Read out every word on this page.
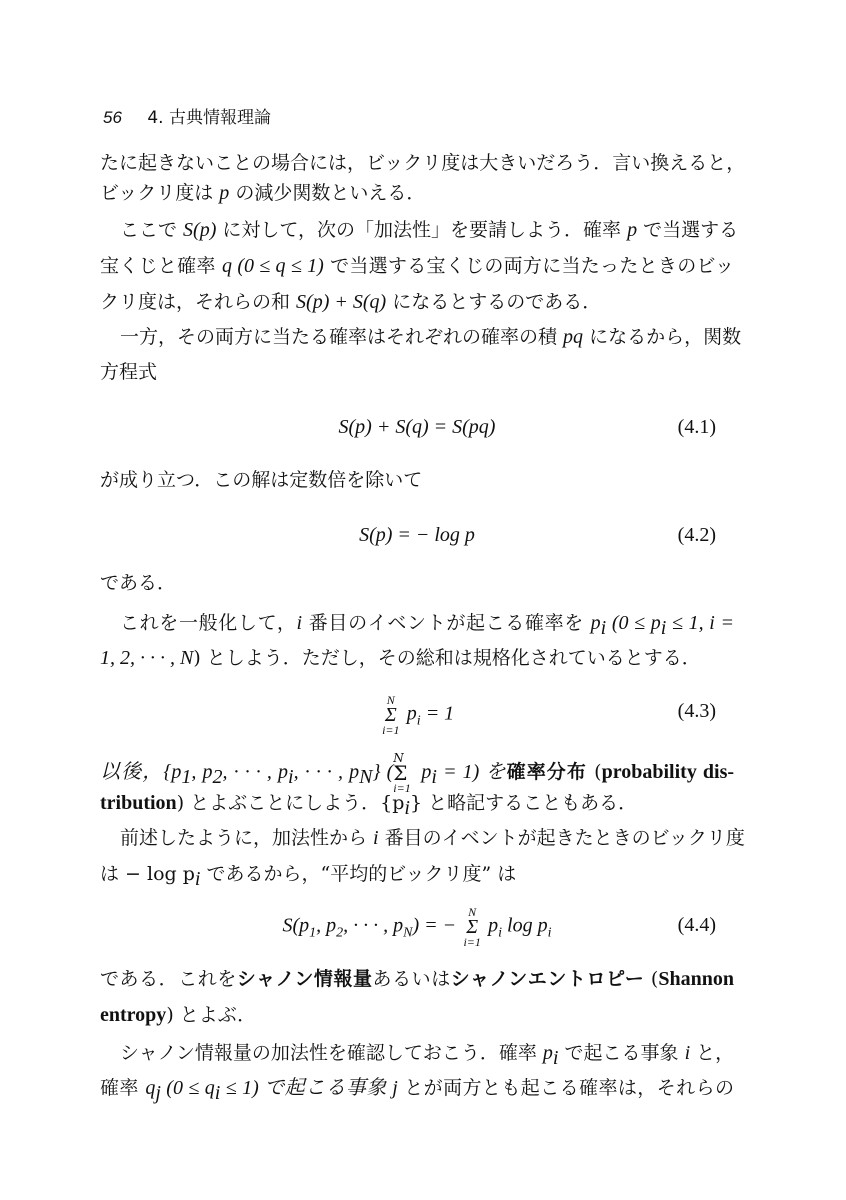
56 4. 古典情報理論
たに起きないことの場合には，ビックリ度は大きいだろう．言い換えると，
ビックリ度は p の減少関数といえる．
ここで S(p) に対して，次の「加法性」を要請しよう．確率 p で当選する
宝くじと確率 q (0 ≤ q ≤ 1) で当選する宝くじの両方に当たったときのビッ
クリ度は，それらの和 S(p) + S(q) になるとするのである．
一方，その両方に当たる確率はそれぞれの確率の積 pq になるから，関数
方程式
S(p) + S(q) = S(pq)	(4.1)
が成り立つ．この解は定数倍を除いて
S(p) = − log p	(4.2)
である．
これを一般化して，i 番目のイベントが起こる確率を $p_i$ ($0 \le p_i \le 1$, i =
1, 2, · · · , N) としよう．ただし，その総和は規格化されているとする．
N
Σ
i=1
$p_i = 1$	(4.3)
以後，{$p_1$, $p_2$, · · · , $p_i$, · · · , $p_N$} (
N
Σ
i=1
$p_i = 1$) を確率分布 (probability dis-
tribution) とよぶことにしよう．$\{p_i\}$ と略記することもある．
前述したように，加法性から i 番目のイベントが起きたときのビックリ度
は − $\log p_i$ であるから，“平均的ビックリ度” は
$S(p_1$, $p_2$, · · · , $p_N$) = −
N
Σ
i=1
$p_i$ $\log p_i$	(4.4)
である．これをシャノン情報量あるいはシャノンエントロピー (Shannon
entropy) とよぶ．
シャノン情報量の加法性を確認しておこう．確率 $p_i$ で起こる事象 i と，
確率 $q_j$ $(0 \le q_i \le 1)$ で起こる事象 j とが両方とも起こる確率は，それらの
